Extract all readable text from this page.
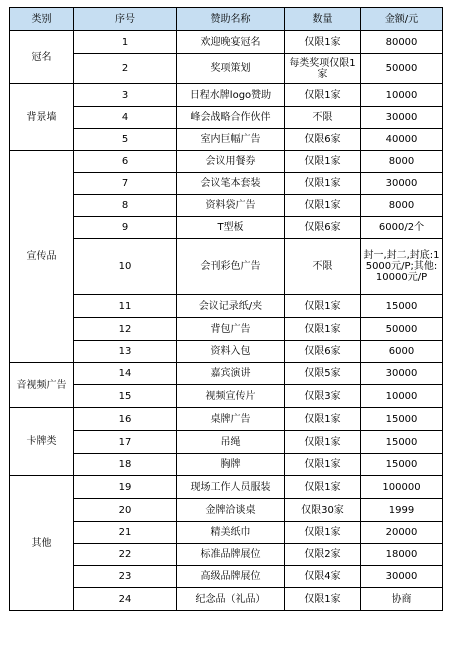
类别	序号	赞助名称	数量	金额/元
冠名	1	欢迎晚宴冠名	仅限1家	80000
	2	奖项策划	每类奖项仅限1家	50000
背景墙	3	日程水牌logo赞助	仅限1家	10000
	4	峰会战略合作伙伴	不限	30000
	5	室内巨幅广告	仅限6家	40000
宣传品	6	会议用餐券	仅限1家	8000
	7	会议笔本套装	仅限1家	30000
	8	资料袋广告	仅限1家	8000
	9	T型板	仅限6家	6000/2个
	10	会刊彩色广告	不限	封一,封二,封底:15000元/P;其他: 10000元/P
	11	会议记录纸/夹	仅限1家	15000
	12	背包广告	仅限1家	50000
	13	资料入包	仅限6家	6000
音视频广告	14	嘉宾演讲	仅限5家	30000
	15	视频宣传片	仅限3家	10000
卡牌类	16	桌牌广告	仅限1家	15000
	17	吊绳	仅限1家	15000
	18	胸牌	仅限1家	15000
其他	19	现场工作人员服装	仅限1家	100000
	20	金牌洽谈桌	仅限30家	1999
	21	精美纸巾	仅限1家	20000
	22	标准品牌展位	仅限2家	18000
	23	高级品牌展位	仅限4家	30000
	24	纪念品（礼品）	仅限1家	协商
